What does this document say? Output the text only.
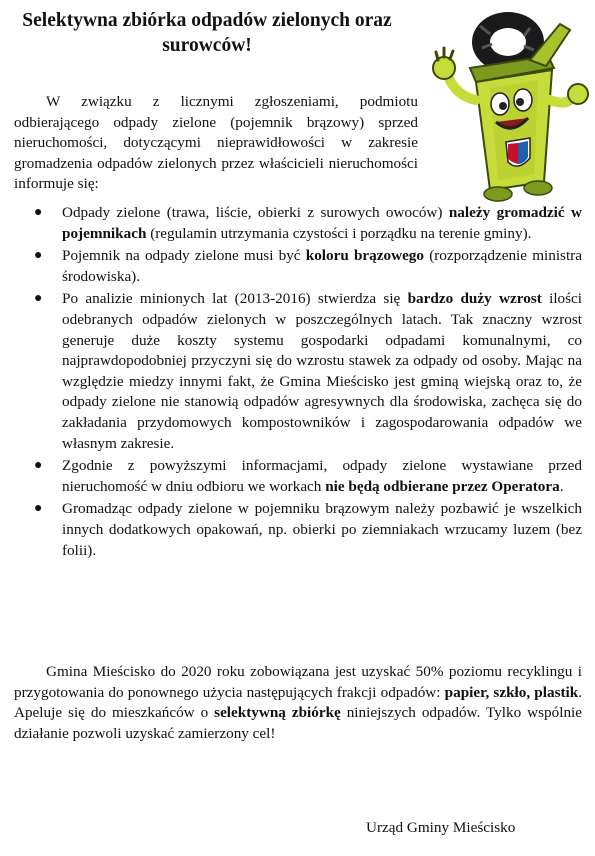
Selektywna zbiórka odpadów zielonych oraz surowców!

W związku z licznymi zgłoszeniami, podmiotu odbierającego odpady zielone (pojemnik brązowy) sprzed nieruchomości, dotyczącymi nieprawidłowości w zakresie gromadzenia odpadów zielonych przez właścicieli nieruchomości informuje się:

● Odpady zielone (trawa, liście, obierki z surowych owoców) należy gromadzić w pojemnikach (regulamin utrzymania czystości i porządku na terenie gminy).
● Pojemnik na odpady zielone musi być koloru brązowego (rozporządzenie ministra środowiska).
● Po analizie minionych lat (2013-2016) stwierdza się bardzo duży wzrost ilości odebranych odpadów zielonych w poszczególnych latach. Tak znaczny wzrost generuje duże koszty systemu gospodarki odpadami komunalnymi, co najprawdopodobniej przyczyni się do wzrostu stawek za odpady od osoby. Mając na względzie miedzy innymi fakt, że Gmina Mieścisko jest gminą wiejską oraz to, że odpady zielone nie stanowią odpadów agresywnych dla środowiska, zachęca się do zakładania przydomowych kompostowników i zagospodarowania odpadów we własnym zakresie.
● Zgodnie z powyższymi informacjami, odpady zielone wystawiane przed nieruchomość w dniu odbioru we workach nie będą odbierane przez Operatora.
● Gromadząc odpady zielone w pojemniku brązowym należy pozbawić je wszelkich innych dodatkowych opakowań, np. obierki po ziemniakach wrzucamy luzem (bez folii).

Gmina Mieścisko do 2020 roku zobowiązana jest uzyskać 50% poziomu recyklingu i przygotowania do ponownego użycia następujących frakcji odpadów: papier, szkło, plastik. Apeluje się do mieszkańców o selektywną zbiórkę niniejszych odpadów. Tylko wspólnie działanie pozwoli uzyskać zamierzony cel!

Urząd Gminy Mieścisko
